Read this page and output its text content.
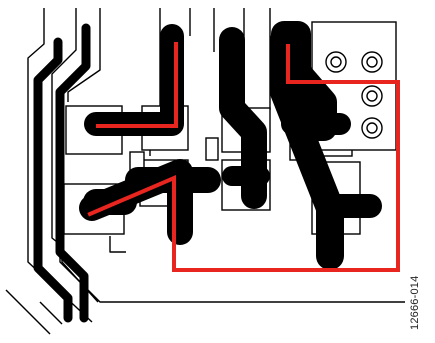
12666-014
